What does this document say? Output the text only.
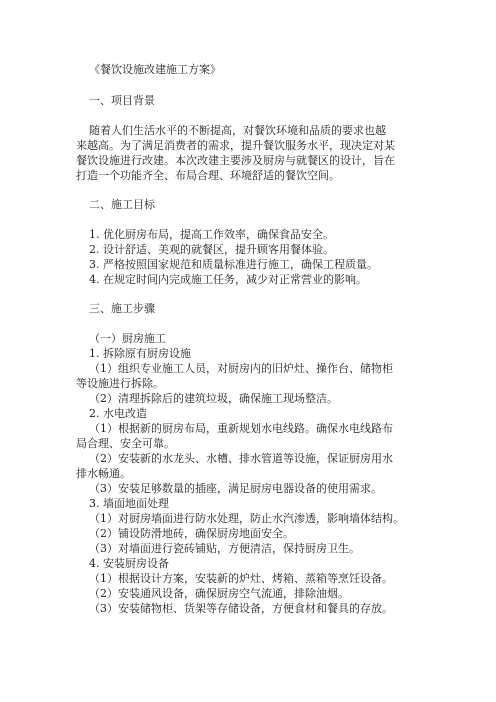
《餐饮设施改建施工方案》
一、项目背景
随着人们生活水平的不断提高，对餐饮环境和品质的要求也越
来越高。为了满足消费者的需求，提升餐饮服务水平，现决定对某
餐饮设施进行改建。本次改建主要涉及厨房与就餐区的设计，旨在
打造一个功能齐全、布局合理、环境舒适的餐饮空间。
二、施工目标
1. 优化厨房布局，提高工作效率，确保食品安全。
2. 设计舒适、美观的就餐区，提升顾客用餐体验。
3. 严格按照国家规范和质量标准进行施工，确保工程质量。
4. 在规定时间内完成施工任务，减少对正常营业的影响。
三、施工步骤
（一）厨房施工
1. 拆除原有厨房设施
（1）组织专业施工人员，对厨房内的旧炉灶、操作台、储物柜
等设施进行拆除。
（2）清理拆除后的建筑垃圾，确保施工现场整洁。
2. 水电改造
（1）根据新的厨房布局，重新规划水电线路。确保水电线路布
局合理、安全可靠。
（2）安装新的水龙头、水槽、排水管道等设施，保证厨房用水
排水畅通。
（3）安装足够数量的插座，满足厨房电器设备的使用需求。
3. 墙面地面处理
（1）对厨房墙面进行防水处理，防止水汽渗透，影响墙体结构。
（2）铺设防滑地砖，确保厨房地面安全。
（3）对墙面进行瓷砖铺贴，方便清洁，保持厨房卫生。
4. 安装厨房设备
（1）根据设计方案，安装新的炉灶、烤箱、蒸箱等烹饪设备。
（2）安装通风设备，确保厨房空气流通，排除油烟。
（3）安装储物柜、货架等存储设备，方便食材和餐具的存放。
